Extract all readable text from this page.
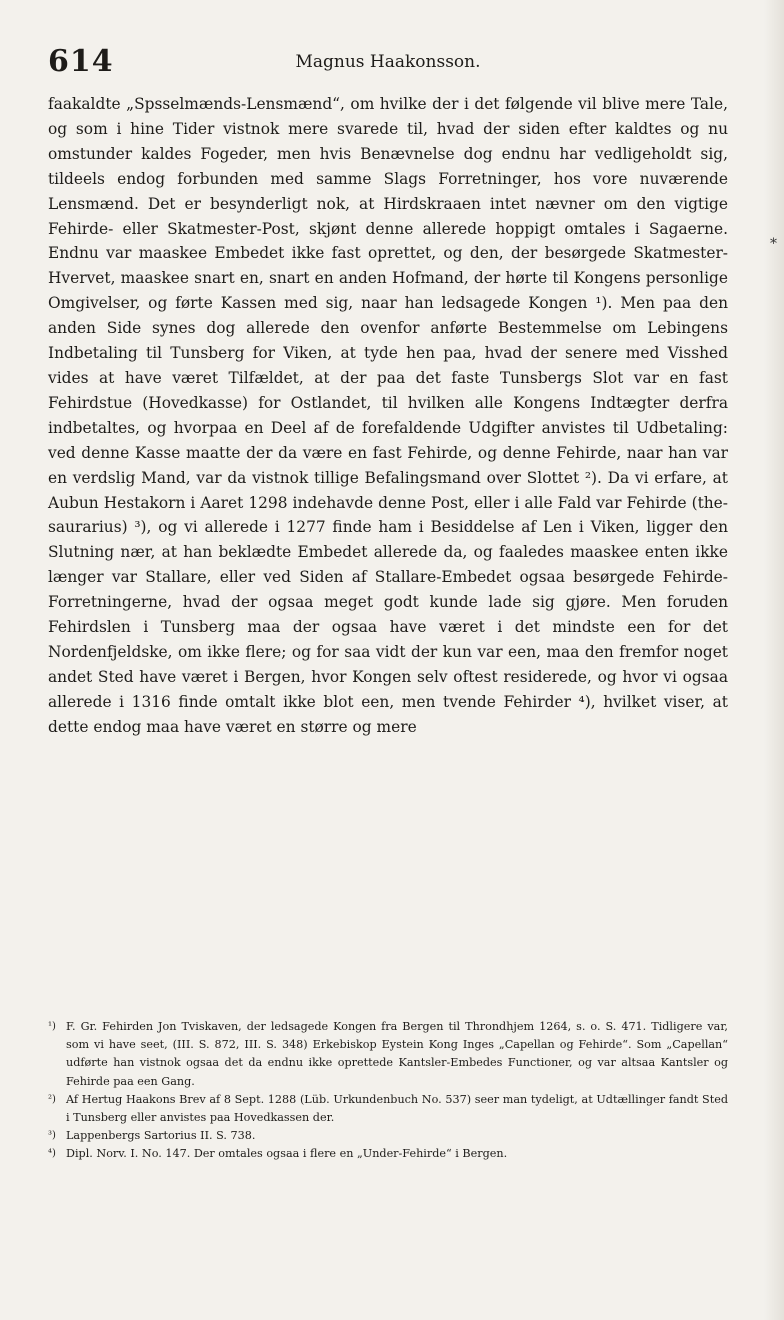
614	Magnus Haakonsson.

faakaldte „Spsselmænds-Lensmænd“, om hvilke der i det følgende vil blive mere Tale, og som i hine Tider vistnok mere svarede til, hvad der siden efter kaldtes og nu omstunder kaldes Fogeder, men hvis Benævnelse dog endnu har vedligeholdt sig, tildeels endog forbunden med samme Slags Forretninger, hos vore nuværende Lensmænd. Det er besynderligt nok, at Hirdskraaen intet nævner om den vigtige Fehirde- eller Skatmester-Post, skjønt denne allerede hoppigt omtales i Sagaerne. Endnu var maaskee Embedet ikke fast oprettet, og den, der besørgede Skatmester-Hvervet, maaskee snart en, snart en anden Hofmand, der hørte til Kongens personlige Omgivelser, og førte Kassen med sig, naar han ledsagede Kongen ¹). Men paa den anden Side synes dog allerede den ovenfor anførte Bestemmelse om Lebingens Indbetaling til Tunsberg for Viken, at tyde hen paa, hvad der senere med Visshed vides at have været Tilfældet, at der paa det faste Tunsbergs Slot var en fast Fehirdstue (Hovedkasse) for Ostlandet, til hvilken alle Kongens Indtægter derfra indbetaltes, og hvorpaa en Deel af de forefaldende Udgifter anvistes til Udbetaling: ved denne Kasse maatte der da være en fast Fehirde, og denne Fehirde, naar han var en verdslig Mand, var da vistnok tillige Befalingsmand over Slottet ²). Da vi erfare, at Aubun Hestakorn i Aaret 1298 indehavde denne Post, eller i alle Fald var Fehirde (the-saurarius) ³), og vi allerede i 1277 finde ham i Besiddelse af Len i Viken, ligger den Slutning nær, at han beklædte Embedet allerede da, og faaledes maaskee enten ikke længer var Stallare, eller ved Siden af Stallare-Embedet ogsaa besørgede Fehirde-Forretningerne, hvad der ogsaa meget godt kunde lade sig gjøre. Men foruden Fehirdslen i Tunsberg maa der ogsaa have været i det mindste een for det Nordenfjeldske, om ikke flere; og for saa vidt der kun var een, maa den fremfor noget andet Sted have været i Bergen, hvor Kongen selv oftest residerede, og hvor vi ogsaa allerede i 1316 finde omtalt ikke blot een, men tvende Fehirder ⁴), hvilket viser, at dette endog maa have været en større og mere

¹) F. Gr. Fehirden Jon Tviskaven, der ledsagede Kongen fra Bergen til Throndhjem 1264, s. o. S. 471. Tidligere var, som vi have seet, (III. S. 872, III. S. 348) Erkebiskop Eystein Kong Inges „Capellan og Fehirde“. Som „Capellan“ udførte han vistnok ogsaa det da endnu ikke oprettede Kantsler-Embedes Functioner, og var altsaa Kantsler og Fehirde paa een Gang.

²) Af Hertug Haakons Brev af 8 Sept. 1288 (Lüb. Urkundenbuch No. 537) seer man tydeligt, at Udtællinger fandt Sted i Tunsberg eller anvistes paa Hovedkassen der.

³) Lappenbergs Sartorius II. S. 738.

⁴) Dipl. Norv. I. No. 147. Der omtales ogsaa i flere en „Under-Fehirde“ i Bergen.

*
